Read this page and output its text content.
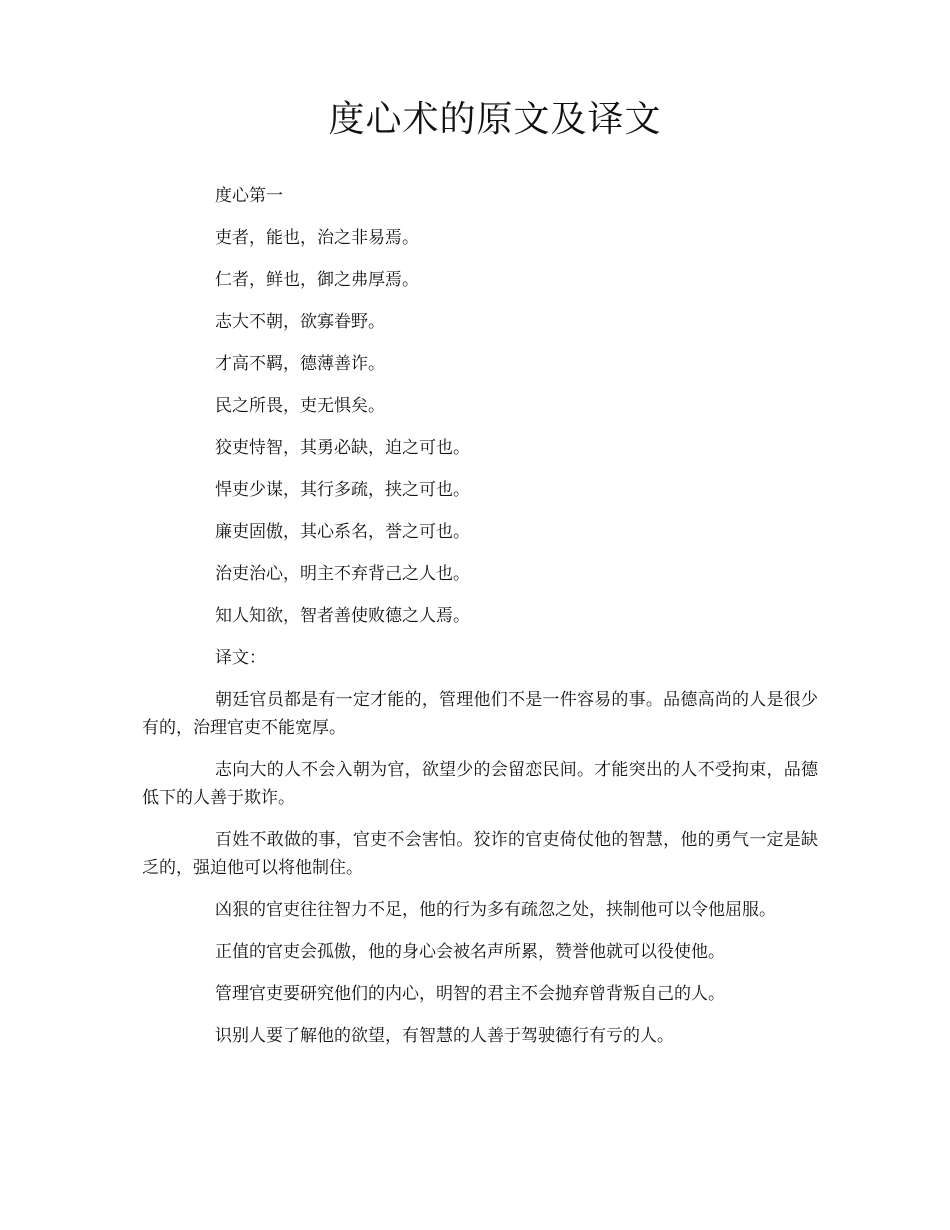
度心术的原文及译文

度心第一

吏者，能也，治之非易焉。

仁者，鲜也，御之弗厚焉。

志大不朝，欲寡眷野。

才高不羁，德薄善诈。

民之所畏，吏无惧矣。

狡吏恃智，其勇必缺，迫之可也。

悍吏少谋，其行多疏，挟之可也。

廉吏固傲，其心系名，誉之可也。

治吏治心，明主不弃背己之人也。

知人知欲，智者善使败德之人焉。

译文：

朝廷官员都是有一定才能的，管理他们不是一件容易的事。品德高尚的人是很少有的，治理官吏不能宽厚。

志向大的人不会入朝为官，欲望少的会留恋民间。才能突出的人不受拘束，品德低下的人善于欺诈。

百姓不敢做的事，官吏不会害怕。狡诈的官吏倚仗他的智慧，他的勇气一定是缺乏的，强迫他可以将他制住。

凶狠的官吏往往智力不足，他的行为多有疏忽之处，挟制他可以令他屈服。

正值的官吏会孤傲，他的身心会被名声所累，赞誉他就可以役使他。

管理官吏要研究他们的内心，明智的君主不会抛弃曾背叛自己的人。

识别人要了解他的欲望，有智慧的人善于驾驶德行有亏的人。
